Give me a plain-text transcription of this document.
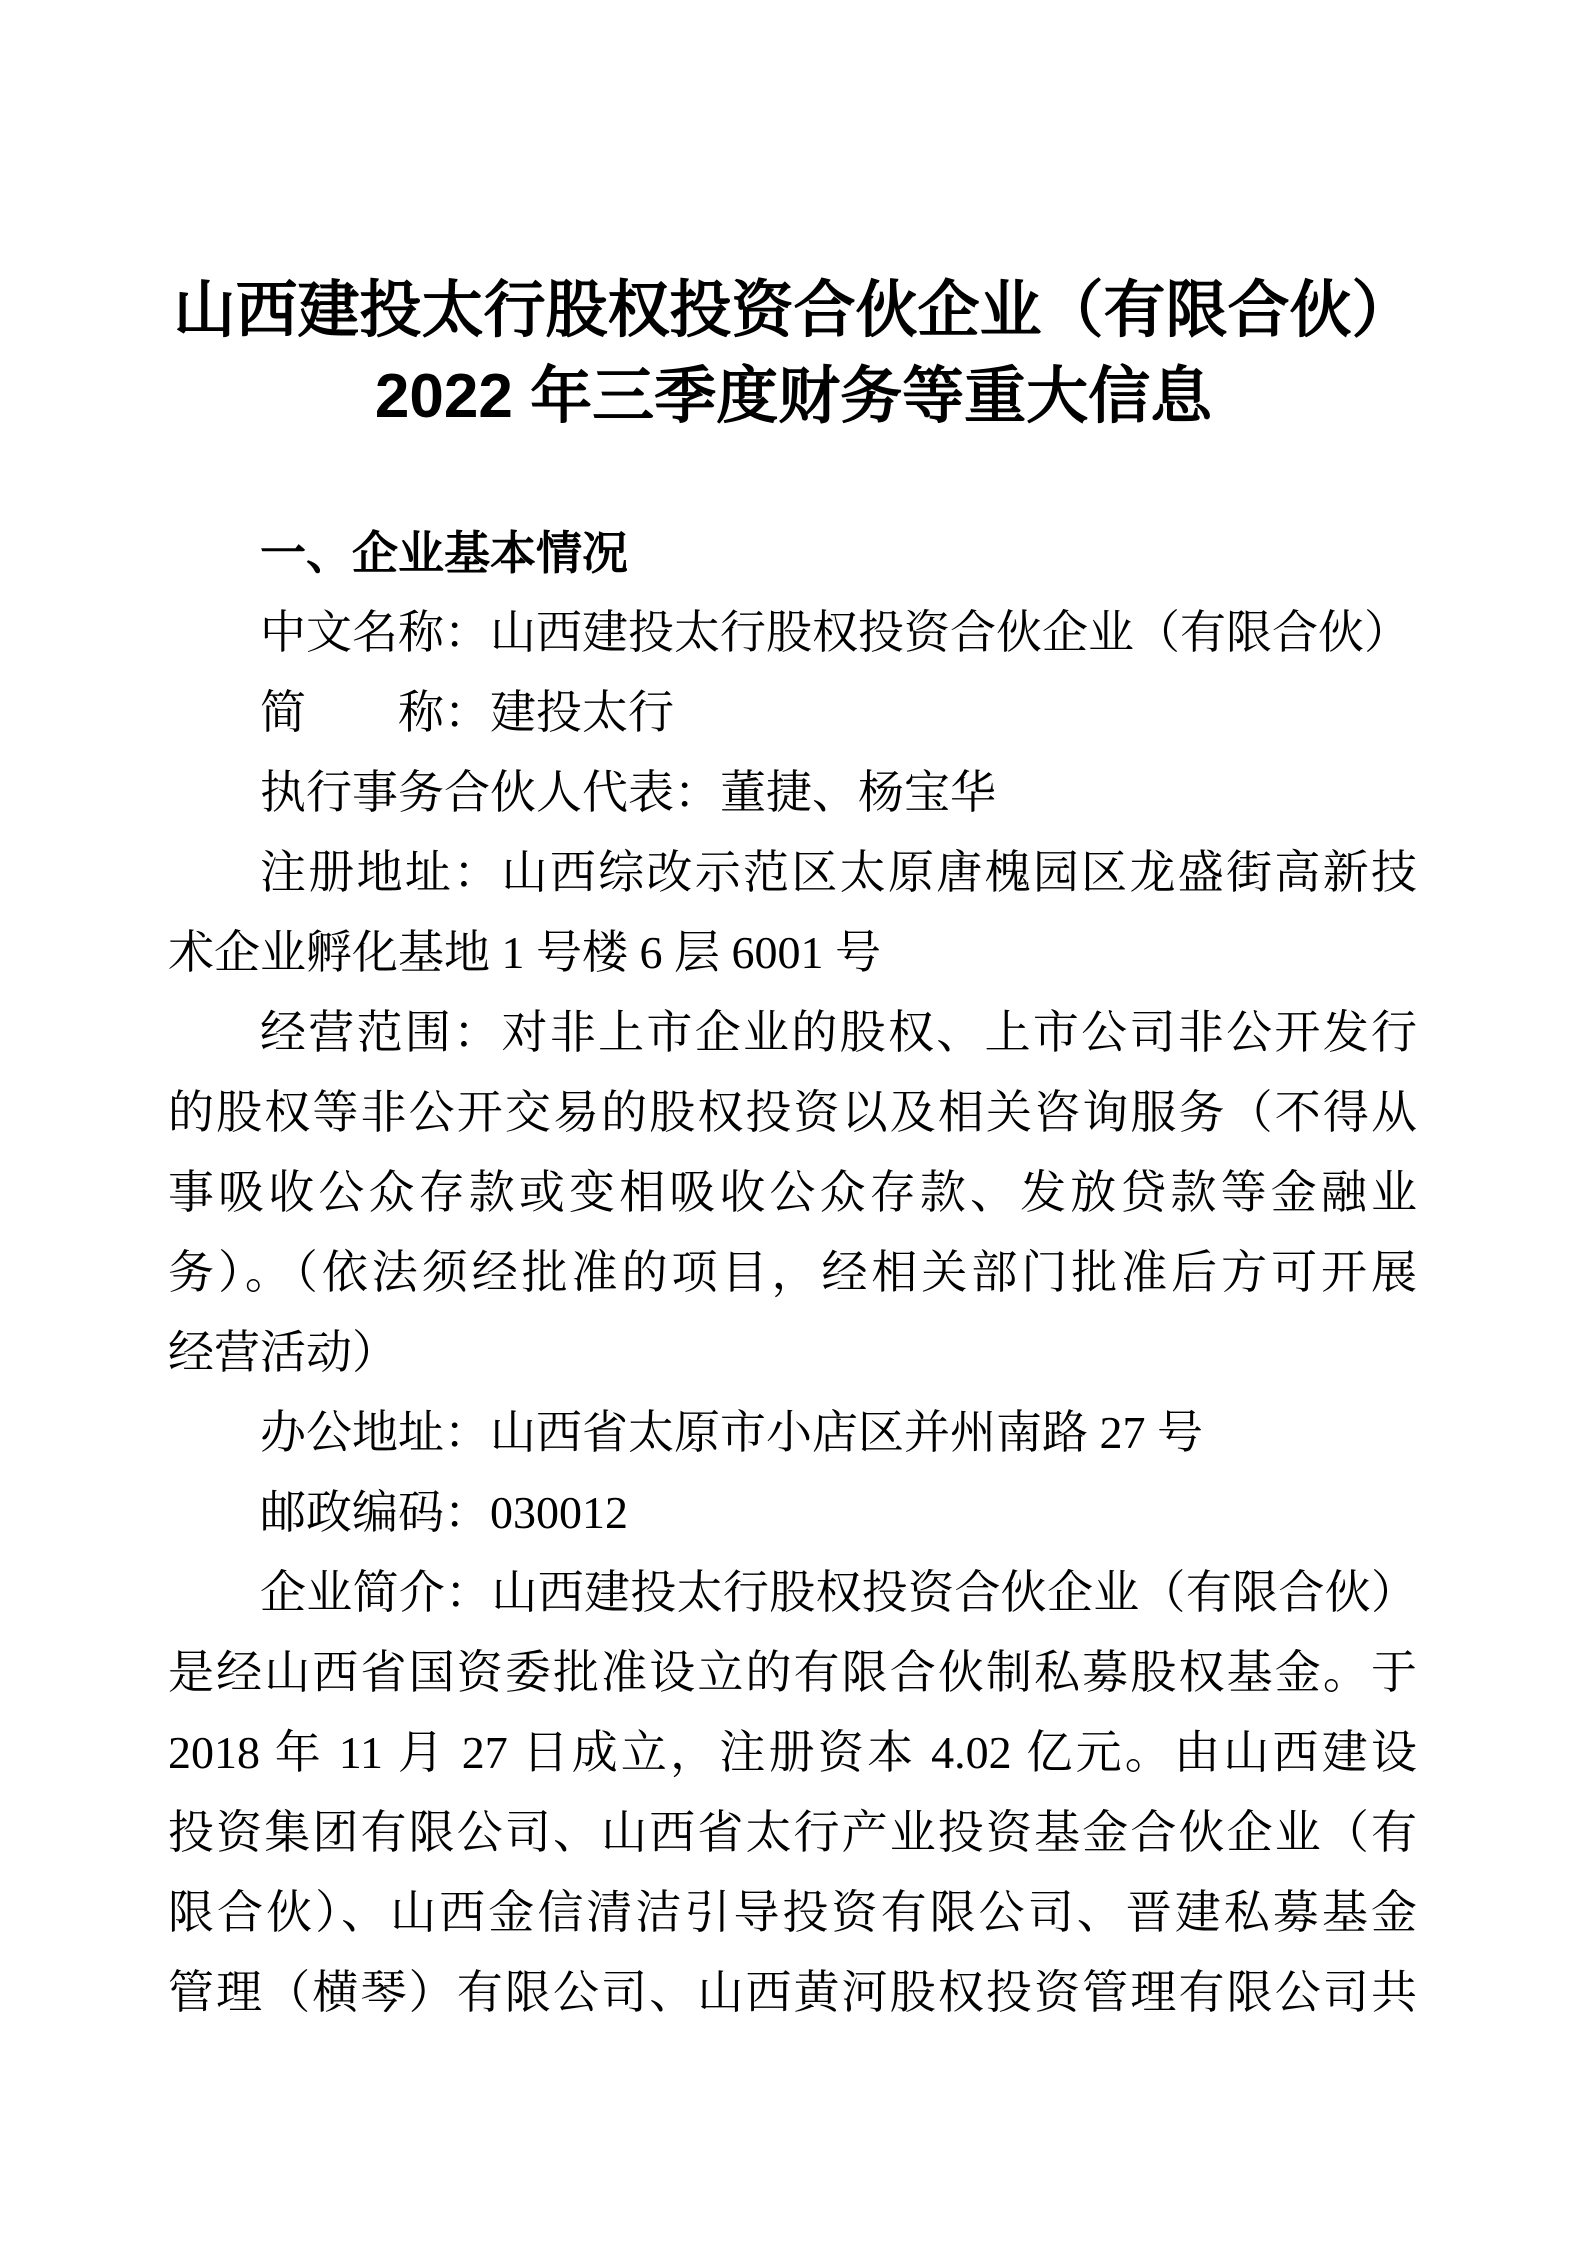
山西建投太行股权投资合伙企业（有限合伙）
2022 年三季度财务等重大信息
一、企业基本情况
中文名称：山西建投太行股权投资合伙企业（有限合伙）
简　　称：建投太行
执行事务合伙人代表：董捷、杨宝华
注册地址：山西综改示范区太原唐槐园区龙盛街高新技
术企业孵化基地 1 号楼 6 层 6001 号
经营范围：对非上市企业的股权、上市公司非公开发行
的股权等非公开交易的股权投资以及相关咨询服务（不得从
事吸收公众存款或变相吸收公众存款、发放贷款等金融业
务）。（依法须经批准的项目，经相关部门批准后方可开展
经营活动）
办公地址：山西省太原市小店区并州南路 27 号
邮政编码：030012
企业简介：山西建投太行股权投资合伙企业（有限合伙）
是经山西省国资委批准设立的有限合伙制私募股权基金。于
2018 年 11 月 27 日成立，注册资本 4.02 亿元。由山西建设
投资集团有限公司、山西省太行产业投资基金合伙企业（有
限合伙）、山西金信清洁引导投资有限公司、晋建私募基金
管理（横琴）有限公司、山西黄河股权投资管理有限公司共
